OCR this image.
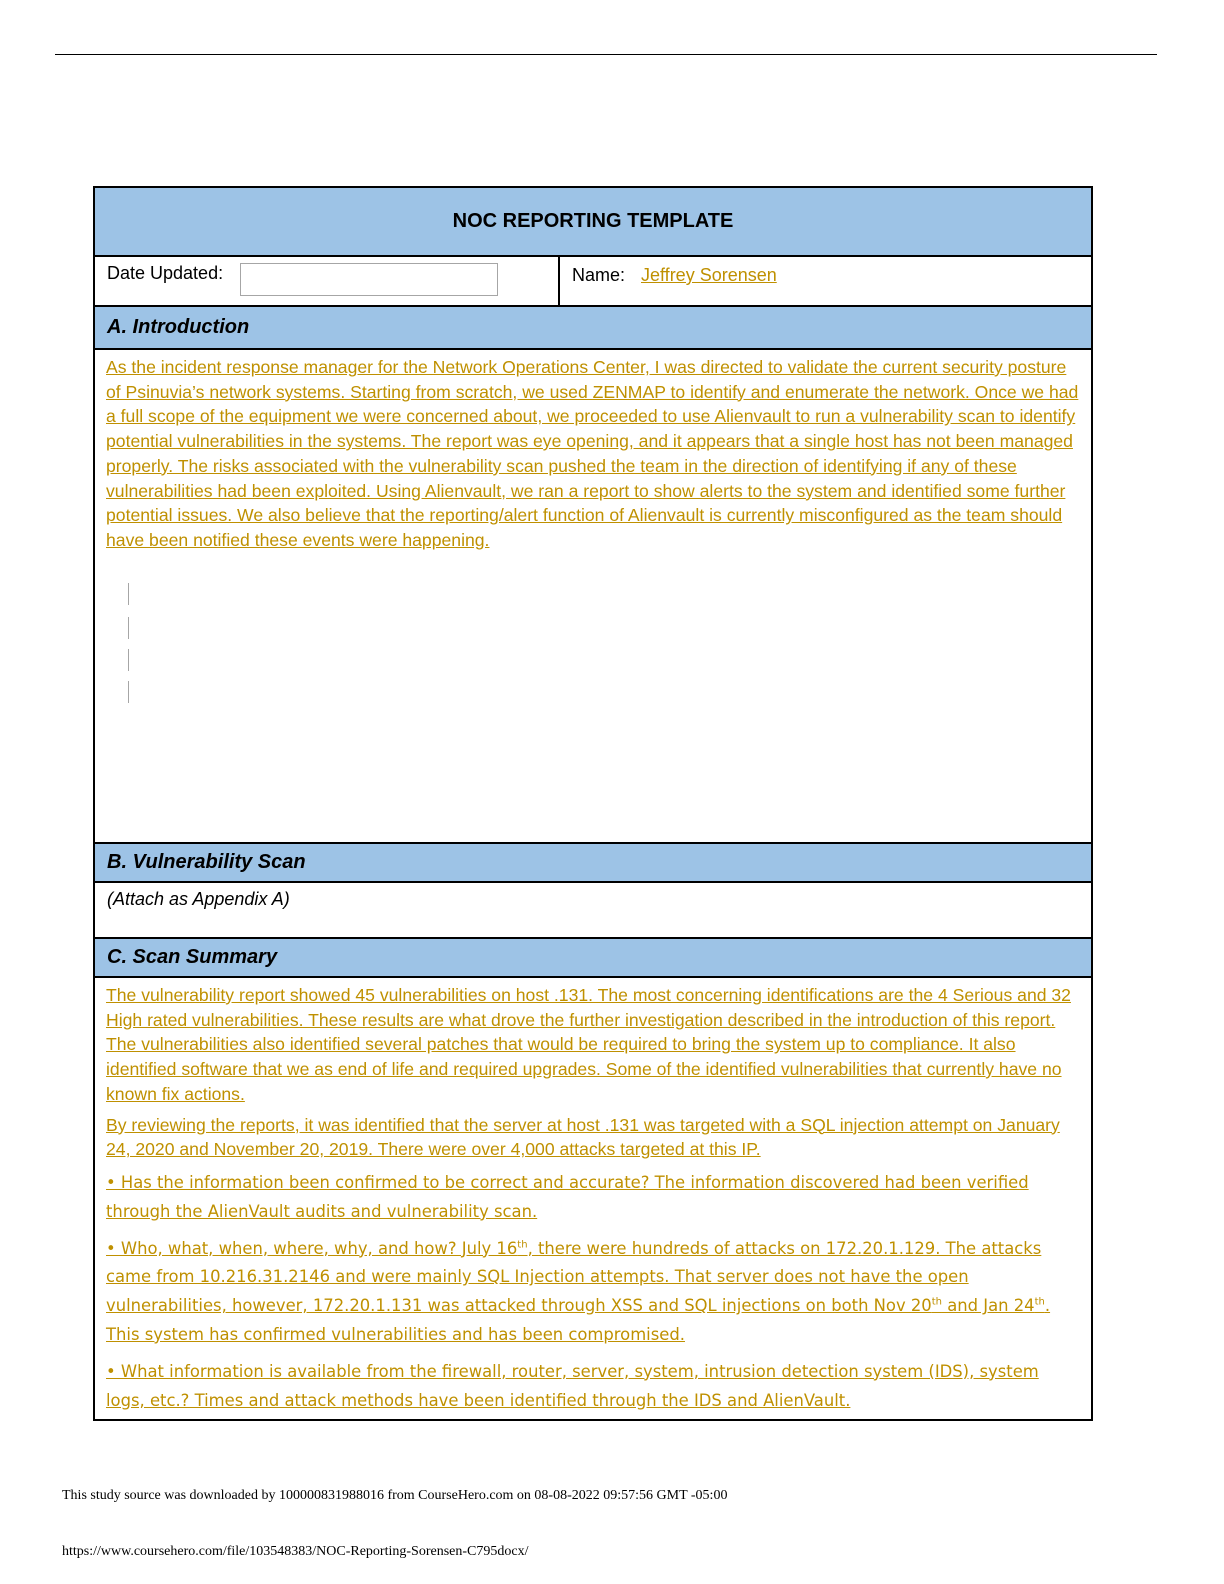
NOC REPORTING TEMPLATE
Date Updated:	Name: Jeffrey Sorensen
A. Introduction

As the incident response manager for the Network Operations Center, I was directed to validate the current security posture of Psinuvia’s network systems. Starting from scratch, we used ZENMAP to identify and enumerate the network. Once we had a full scope of the equipment we were concerned about, we proceeded to use Alienvault to run a vulnerability scan to identify potential vulnerabilities in the systems. The report was eye opening, and it appears that a single host has not been managed properly. The risks associated with the vulnerability scan pushed the team in the direction of identifying if any of these vulnerabilities had been exploited. Using Alienvault, we ran a report to show alerts to the system and identified some further potential issues. We also believe that the reporting/alert function of Alienvault is currently misconfigured as the team should have been notified these events were happening.

B. Vulnerability Scan
(Attach as Appendix A)
C. Scan Summary

The vulnerability report showed 45 vulnerabilities on host .131. The most concerning identifications are the 4 Serious and 32 High rated vulnerabilities. These results are what drove the further investigation described in the introduction of this report. The vulnerabilities also identified several patches that would be required to bring the system up to compliance. It also identified software that we as end of life and required upgrades. Some of the identified vulnerabilities that currently have no known fix actions.

By reviewing the reports, it was identified that the server at host .131 was targeted with a SQL injection attempt on January 24, 2020 and November 20, 2019. There were over 4,000 attacks targeted at this IP.

• Has the information been confirmed to be correct and accurate? The information discovered had been verified through the AlienVault audits and vulnerability scan.

• Who, what, when, where, why, and how? July 16th, there were hundreds of attacks on 172.20.1.129. The attacks came from 10.216.31.2146 and were mainly SQL Injection attempts. That server does not have the open vulnerabilities, however, 172.20.1.131 was attacked through XSS and SQL injections on both Nov 20th and Jan 24th. This system has confirmed vulnerabilities and has been compromised.

• What information is available from the firewall, router, server, system, intrusion detection system (IDS), system logs, etc.? Times and attack methods have been identified through the IDS and AlienVault.

This study source was downloaded by 100000831988016 from CourseHero.com on 08-08-2022 09:57:56 GMT -05:00
https://www.coursehero.com/file/103548383/NOC-Reporting-Sorensen-C795docx/
